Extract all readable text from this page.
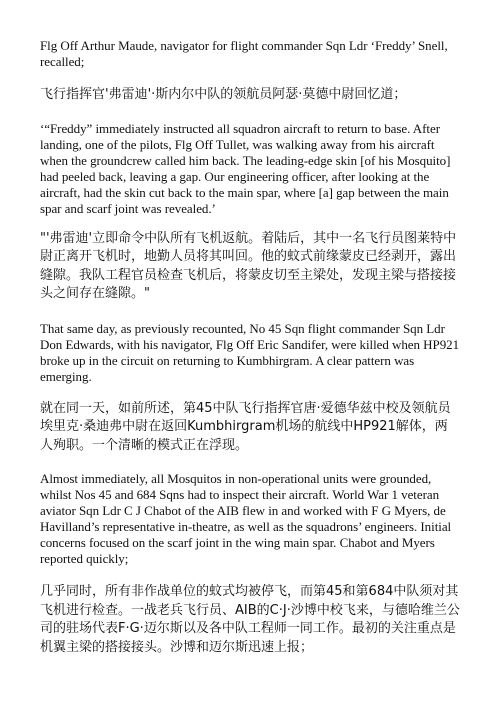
Flg Off Arthur Maude, navigator for flight commander Sqn Ldr ‘Freddy’ Snell, recalled;

飞行指挥官'弗雷迪'·斯内尔中队的领航员阿瑟·莫德中尉回忆道；

‘“Freddy” immediately instructed all squadron aircraft to return to base. After landing, one of the pilots, Flg Off Tullet, was walking away from his aircraft when the groundcrew called him back. The leading-edge skin [of his Mosquito] had peeled back, leaving a gap. Our engineering officer, after looking at the aircraft, had the skin cut back to the main spar, where [a] gap between the main spar and scarf joint was revealed.’

"'弗雷迪'立即命令中队所有飞机返航。着陆后，其中一名飞行员图莱特中尉正离开飞机时，地勤人员将其叫回。他的蚊式前缘蒙皮已经剥开，露出缝隙。我队工程官员检查飞机后，将蒙皮切至主梁处，发现主梁与搭接接头之间存在缝隙。"

That same day, as previously recounted, No 45 Sqn flight commander Sqn Ldr Don Edwards, with his navigator, Flg Off Eric Sandifer, were killed when HP921 broke up in the circuit on returning to Kumbhirgram. A clear pattern was emerging.

就在同一天，如前所述，第45中队飞行指挥官唐·爱德华兹中校及领航员埃里克·桑迪弗中尉在返回Kumbhirgram机场的航线中HP921解体，两人殉职。一个清晰的模式正在浮现。

Almost immediately, all Mosquitos in non-operational units were grounded, whilst Nos 45 and 684 Sqns had to inspect their aircraft. World War 1 veteran aviator Sqn Ldr C J Chabot of the AIB flew in and worked with F G Myers, de Havilland’s representative in-theatre, as well as the squadrons’ engineers. Initial concerns focused on the scarf joint in the wing main spar. Chabot and Myers reported quickly;

几乎同时，所有非作战单位的蚊式均被停飞，而第45和第684中队须对其飞机进行检查。一战老兵飞行员、AIB的C·J·沙博中校飞来，与德哈维兰公司的驻场代表F·G·迈尔斯以及各中队工程师一同工作。最初的关注重点是机翼主梁的搭接接头。沙博和迈尔斯迅速上报；
